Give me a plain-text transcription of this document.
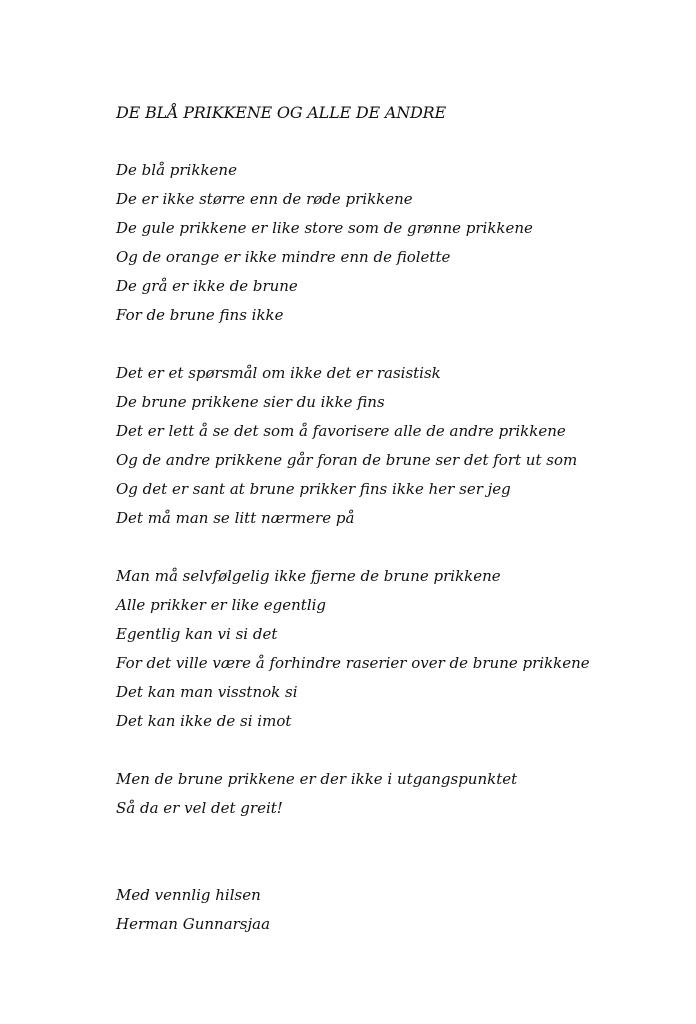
DE BLÅ PRIKKENE OG ALLE DE ANDRE
De blå prikkene
De er ikke større enn de røde prikkene
De gule prikkene er like store som de grønne prikkene
Og de orange er ikke mindre enn de fiolette
De grå er ikke de brune
For de brune fins ikke
Det er et spørsmål om ikke det er rasistisk
De brune prikkene sier du ikke fins
Det er lett å se det som å favorisere alle de andre prikkene
Og de andre prikkene går foran de brune ser det fort ut som
Og det er sant at brune prikker fins ikke her ser jeg
Det må man se litt nærmere på
Man må selvfølgelig ikke fjerne de brune prikkene
Alle prikker er like egentlig
Egentlig kan vi si det
For det ville være å forhindre raserier over de brune prikkene
Det kan man visstnok si
Det kan ikke de si imot
Men de brune prikkene er der ikke i utgangspunktet
Så da er vel det greit!
Med vennlig hilsen
Herman Gunnarsjaa
